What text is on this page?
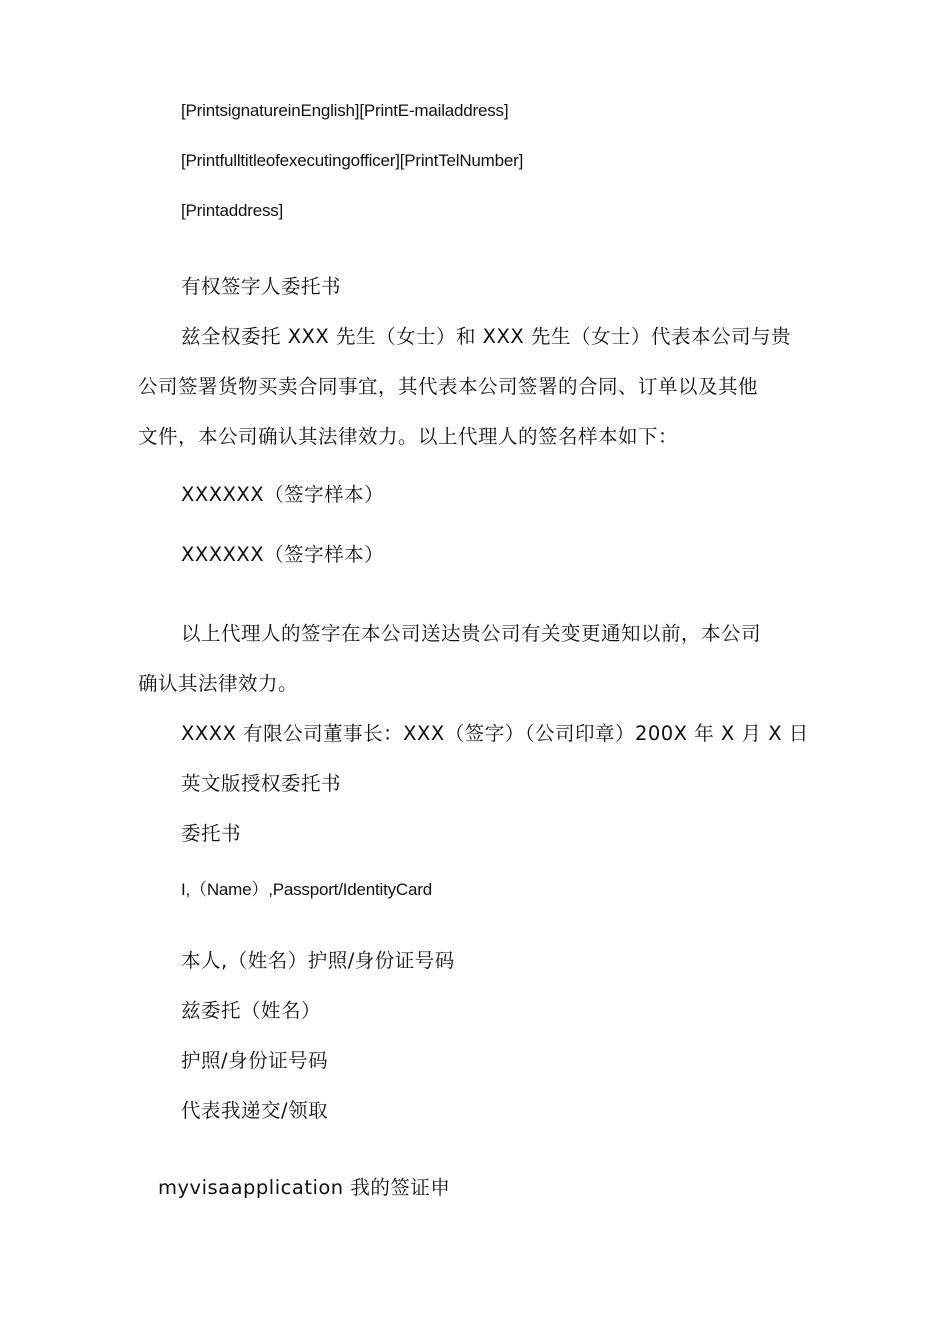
[PrintsignatureinEnglish][PrintE-mailaddress]

[Printfulltitleofexecutingofficer][PrintTelNumber]

[Printaddress]

有权签字人委托书

兹全权委托 XXX 先生（女士）和 XXX 先生（女士）代表本公司与贵

公司签署货物买卖合同事宜，其代表本公司签署的合同、订单以及其他

文件，本公司确认其法律效力。以上代理人的签名样本如下：

XXXXXX（签字样本）

XXXXXX（签字样本）

以上代理人的签字在本公司送达贵公司有关变更通知以前，本公司

确认其法律效力。

XXXX 有限公司董事长：XXX（签字）（公司印章）200X 年 X 月 X 日

英文版授权委托书

委托书

I,（Name）,Passport/IdentityCard

本人,（姓名）护照/身份证号码

兹委托（姓名）

护照/身份证号码

代表我递交/领取

myvisaapplication 我的签证申
